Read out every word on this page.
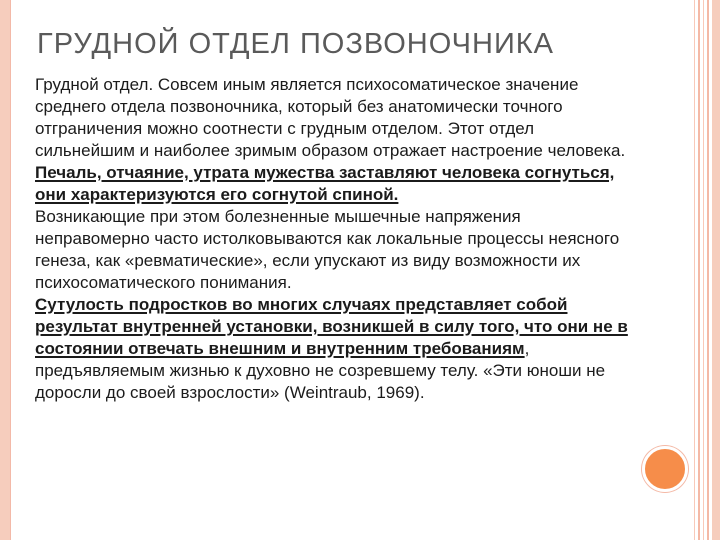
ГРУДНОЙ ОТДЕЛ ПОЗВОНОЧНИКА

Грудной отдел. Совсем иным является психосоматическое значение среднего отдела позвоночника, который без анатомически точного отграничения можно соотнести с грудным отделом. Этот отдел сильнейшим и наиболее зримым образом отражает настроение человека.

Печаль, отчаяние, утрата мужества заставляют человека согнуться, они характеризуются его согнутой спиной.

Возникающие при этом болезненные мышечные напряжения неправомерно часто истолковываются как локальные процессы неясного генеза, как «ревматические», если упускают из виду возможности их психосоматического понимания.

Сутулость подростков во многих случаях представляет собой результат внутренней установки, возникшей в силу того, что они не в состоянии отвечать внешним и внутренним требованиям, предъявляемым жизнью к духовно не созревшему телу. «Эти юноши не доросли до своей взрослости» (Weintraub, 1969).
